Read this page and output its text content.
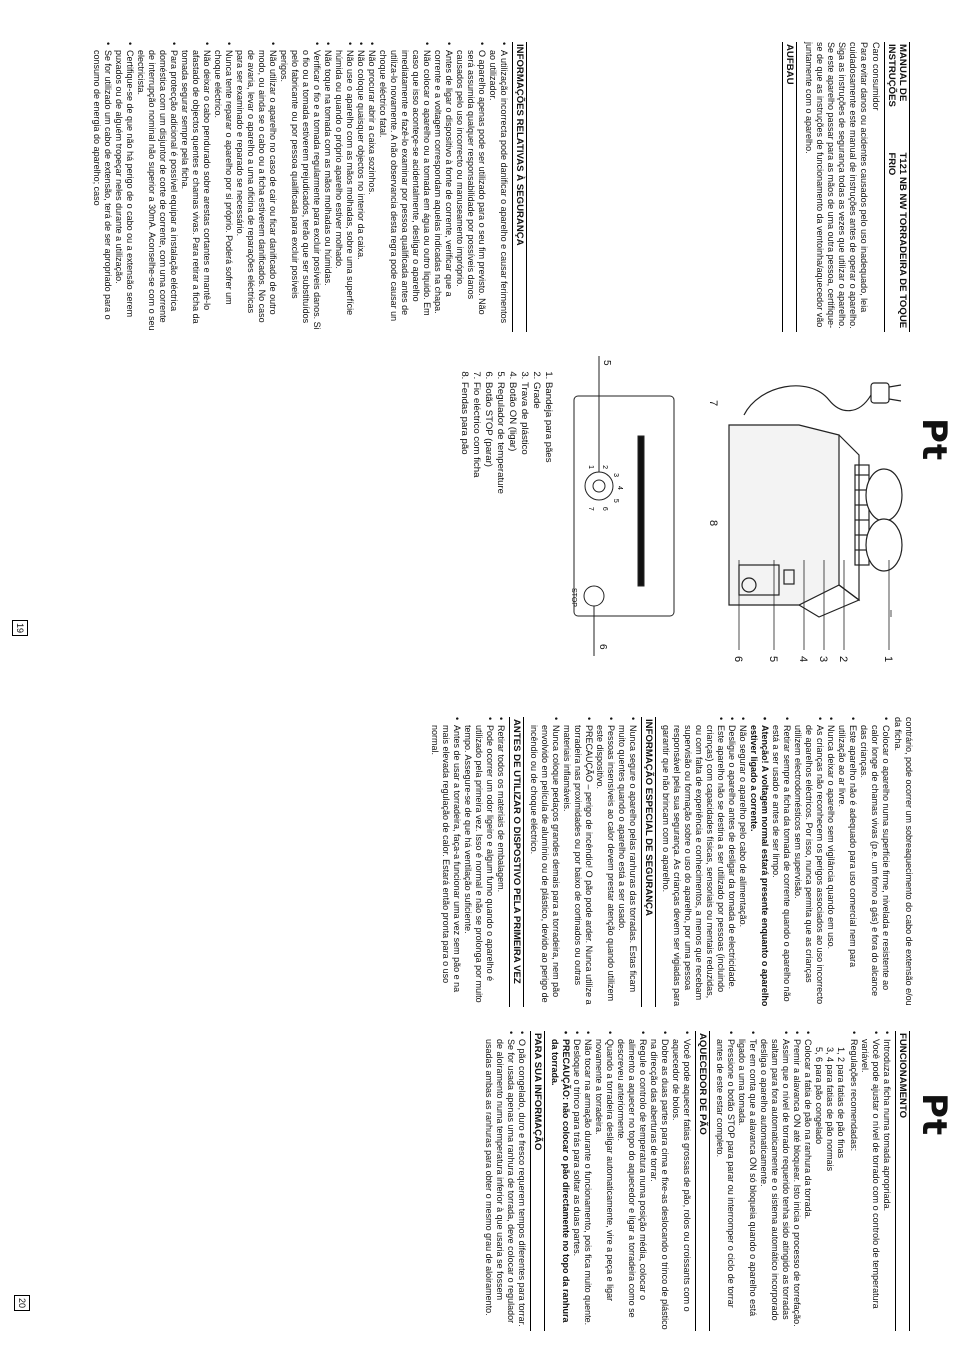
Pt
MANUAL DE INSTRUÇÕES
T121 NB NW TORRADEIRA DE TOQUE FRIO
Caro consumidor
Para evitar danos ou acidentes causados pelo uso inadequado, leia cuidadosamente este manual de instruções antes de operar o aparelho. Siga as instruções de segurança todas as vezes que utilizar o aparelho. Se este aparelho passar para as mãos de uma outra pessoa, certifique-se de que as instruções de funcionamento da ventoinha/aquecedor vão juntamente com o aparelho.
AUFBAU
INFORMAÇÕES RELATIVAS À SEGURANÇA
• A utilização incorrecta pode danificar o aparelho e causar ferimentos ao utilizador.
• O aparelho apenas pode ser utilizado para o seu fim previsto. Não será assumida qualquer responsabilidade por possíveis danos causados pelo uso incorrecto ou manuseamento impróprio.
• Antes de ligar o dispositivo à fonte de corrente, verificar que a corrente e a voltagem correspondam aquelas indicadas na chapa.
• Não colocar o aparelho ou a tomada em água ou outro liquido. Em caso que isso aconteçe-se acidentalmente, desligar o aparelho imediatamente e fazê-lo examinar por pessoa qualificada antes de utiliza-lo novamente. A não observancia desta regra pode causar un choque eléctrico fatal.
• Não procurar abrir a caixa sozinhos.
• Não coloque quaisquer objectos no interior da caixa.
• Não use o aparelho com as mãos molhadas, sobre uma superfície húmida ou quando o próprio aparelho estiver molhado.
• Não toque na tomada com as mãos molhadas ou húmidas.
• Verificar o fio e a tomada regularmente para excluir posíveis danos. Si o fio ou a tomada estiverem prejudicados, terão que ser substituídos pelo fabricante ou por pessoa qualificada para excluir posíveis perigos.
• Não utilizar o aparelho no caso de cair ou ficar danificado de outro modo, ou ainda se o cabo ou a ficha estiverem danificados. No caso de avaria, levar o aparelho a uma oficina de reparações eléctricas para ser examinado e reparado se necessário.
• Nunca tente reparar o aparelho por si próprio. Poderá sofrer um choque eléctrico.
• Não deixar o cabo pendurado sobre arestas cortantes e mantê-lo afastado de objectos quentes e chamas vivas. Para retirar a ficha da tomada segurar sempre pela ficha.
• Para protecção adicional é possível equipar a instalação eléctrica doméstica com um disjuntor de corte de corrente, com uma corrente de interrupção nominal não superior a 30mA. Aconselhe-se com o seu electricista.
• Certifique-se de que não há perigo de o cabo ou a extensão serem puxados ou de alguém tropeçar neles durante a utilização.
• Se for utilizado um cabo de extensão, terá de ser apropriado para o consumo de energia do aparelho; caso
1
2
3
4
5
6
7
8
5
6
STOP
1 2
3
4
5
6
7
1. Bandeja para pães
2. Grade
3. Trava de plástico
4. Botão ON (ligar)
5. Regulador de temperature
6. Botão STOP (parar)
7. Fio eléctrico com ficha
8. Fendas para pão
19
Pt
contrário, pode ocorrer um sobreaquecimento do cabo de extensão e/ou da ficha.
• Colocar o aparelho numa superfície firme, nivelada e resistente ao calor longe de chamas vivas (p.e. um forno a gás) e fora do alcance das crianças.
• Este aparelho não é adequado para uso comercial nem para utilização ao ar livre.
• Nunca deixar o aparelho sem vigilância quando em uso.
• As crianças não reconhecem os perigos associados ao uso incorrecto de aparelhos eléctricos. Por isso, nunca permita que as crianças utilizem electrodomésticos sem supervisão.
• Retirar sempre a ficha da tomada de corrente quando o aparelho não está a ser usado e antes de ser limpo.
• Atenção! A voltagem normal estará presente enquanto o aparelho estiver ligado a corrente.
• Não segurar o aparelho pelo cabo de alimentação.
• Desligue o aparelho antes de desligar da tomada de electricidade.
• Este aparelho não se destina a ser utilizado por pessoas (incluindo crianças) com capacidades físicas, sensoriais ou mentais reduzidas, ou com falta de experiência e conhecimentos, a menos que recebam supervisão ou formação sobre o uso do aparelho, por uma pessoa responsável pela sua segurança. As crianças devem ser vigiadas para garantir que não brincam com o aparelho.
INFORMAÇÃO ESPECIAL DE SEGURANÇA
• Nunca segure o aparelho pelas ranhuras das torradas. Estas ficam muito quentes quando o aparelho está a ser usado.
• Pessoas insensíveis ao calor devem prestar atenção quando utilizem este dispositivo.
• PRECAUÇÃO – perigo de incêndio! O pão pode arder. Nunca utilize a torradeira nas proximidades ou por baixo de cortinados ou outras materiais inflamáveis.
• Nunca coloque pedaços grandes demais para a torradeira, nem pão envolvido em película de alumínio ou de plástico, devido ao perigo de incêndio ou de choque eléctrico.
ANTES DE UTILIZAR O DISPOSTIVO PELA PRIMEIRA VEZ
• Retirar todos os materiais de embalagem.
• Pode ocorrer um odor ligeiro e algum fumo quando o aparelho é utilizado pela primeira vez. Isso é normal e não se prolonga por muito tempo. Assegure-se de que há ventilação suficiente.
• Antes de usar a torradeira, faça-a funcionar uma vez sem pão e na mais elevada regulação de calor. Estará então pronta para o uso normal.
FUNCIONAMENTO
• Introduza a ficha numa tomada apropriada.
• Você pode ajustar o nível de torrado com o controlo de temperatura variável.
• Regulações recomendadas:
1, 2 para fatias de pão finas
3, 4 para fatias de pão normais
5, 6 para pão congelado
• Colocar a fatia de pão na ranhura da torrada.
• Premir a alavanca ON até bloquear. Isto inicia o processo de torrefação.
• Assim que o nível de torrado requerido tenha sido atingido as torradas saltam para fora automaticamente e o sistema automático incorporado desliga o aparelho automaticamente.
• Ter em conta que a alavanca ON só bloqueia quando o aparelho está ligado a uma tomada.
• Pressione o botão STOP para parar ou interromper o ciclo de torrar antes de este estar completo.
AQUECEDOR DE PÃO
• Você pode aquecer fatias grossas de pão, rolos ou croissants com o aquecedor de bolos.
• Dobre as duas partes para cima e fixe-as deslocando o trinco de plástico na direcção das aberturas de torrar.
• Regule o controlo de temperatura numa posição média, colocar o alimento a aquecer no topo do aquecedor e ligar a torradeira como se descreveu anteriormente.
• Quando a torradeira desligar automaticamente, vire a peça e ligar novamente a torradeira.
• Não tocar na armação durante o funcionamento, pois fica muito quente.
• Desloque o trinco para trás para soltar as duas partes.
• PRECAUÇÃO: não colocar o pão directamente no topo da ranhura da torrada.
PARA SUA INFORMAÇÃO
• O pão congelado, duro e fresco requerem tempos diferentes para torrar.
• Se for usada apenas uma ranhura de torrada, deve colocar o regulador de aloiramento numa temperatura inferior à que usaria se fossem usadas ambas as ranhuras para obter o mesmo grau de aloiramento.
20
